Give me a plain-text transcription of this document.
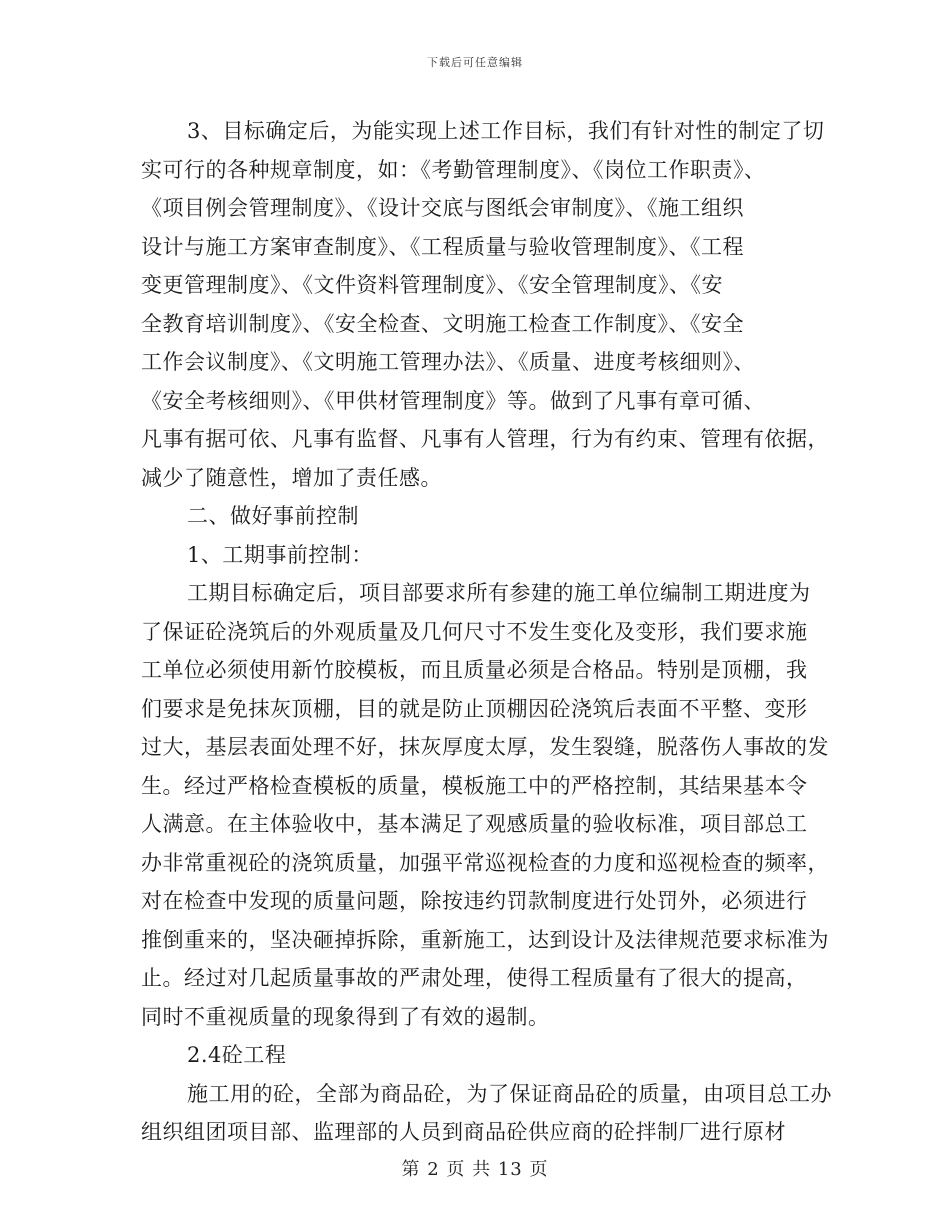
下载后可任意编辑
3、目标确定后，为能实现上述工作目标，我们有针对性的制定了切
实可行的各种规章制度，如：《考勤管理制度》、《岗位工作职责》、
《项目例会管理制度》、《设计交底与图纸会审制度》、《施工组织
设计与施工方案审查制度》、《工程质量与验收管理制度》、《工程
变更管理制度》、《文件资料管理制度》、《安全管理制度》、《安
全教育培训制度》、《安全检查、文明施工检查工作制度》、《安全
工作会议制度》、《文明施工管理办法》、《质量、进度考核细则》、
《安全考核细则》、《甲供材管理制度》等。做到了凡事有章可循、
凡事有据可依、凡事有监督、凡事有人管理，行为有约束、管理有依据，
减少了随意性，增加了责任感。
二、做好事前控制
1、工期事前控制：
工期目标确定后，项目部要求所有参建的施工单位编制工期进度为
了保证砼浇筑后的外观质量及几何尺寸不发生变化及变形，我们要求施
工单位必须使用新竹胶模板，而且质量必须是合格品。特别是顶棚，我
们要求是免抹灰顶棚，目的就是防止顶棚因砼浇筑后表面不平整、变形
过大，基层表面处理不好，抹灰厚度太厚，发生裂缝，脱落伤人事故的发
生。经过严格检查模板的质量，模板施工中的严格控制，其结果基本令
人满意。在主体验收中，基本满足了观感质量的验收标准，项目部总工
办非常重视砼的浇筑质量，加强平常巡视检查的力度和巡视检查的频率，
对在检查中发现的质量问题，除按违约罚款制度进行处罚外，必须进行
推倒重来的，坚决砸掉拆除，重新施工，达到设计及法律规范要求标准为
止。经过对几起质量事故的严肃处理，使得工程质量有了很大的提高，
同时不重视质量的现象得到了有效的遏制。
2.4砼工程
施工用的砼，全部为商品砼，为了保证商品砼的质量，由项目总工办
组织组团项目部、监理部的人员到商品砼供应商的砼拌制厂进行原材
第 2 页 共 13 页
